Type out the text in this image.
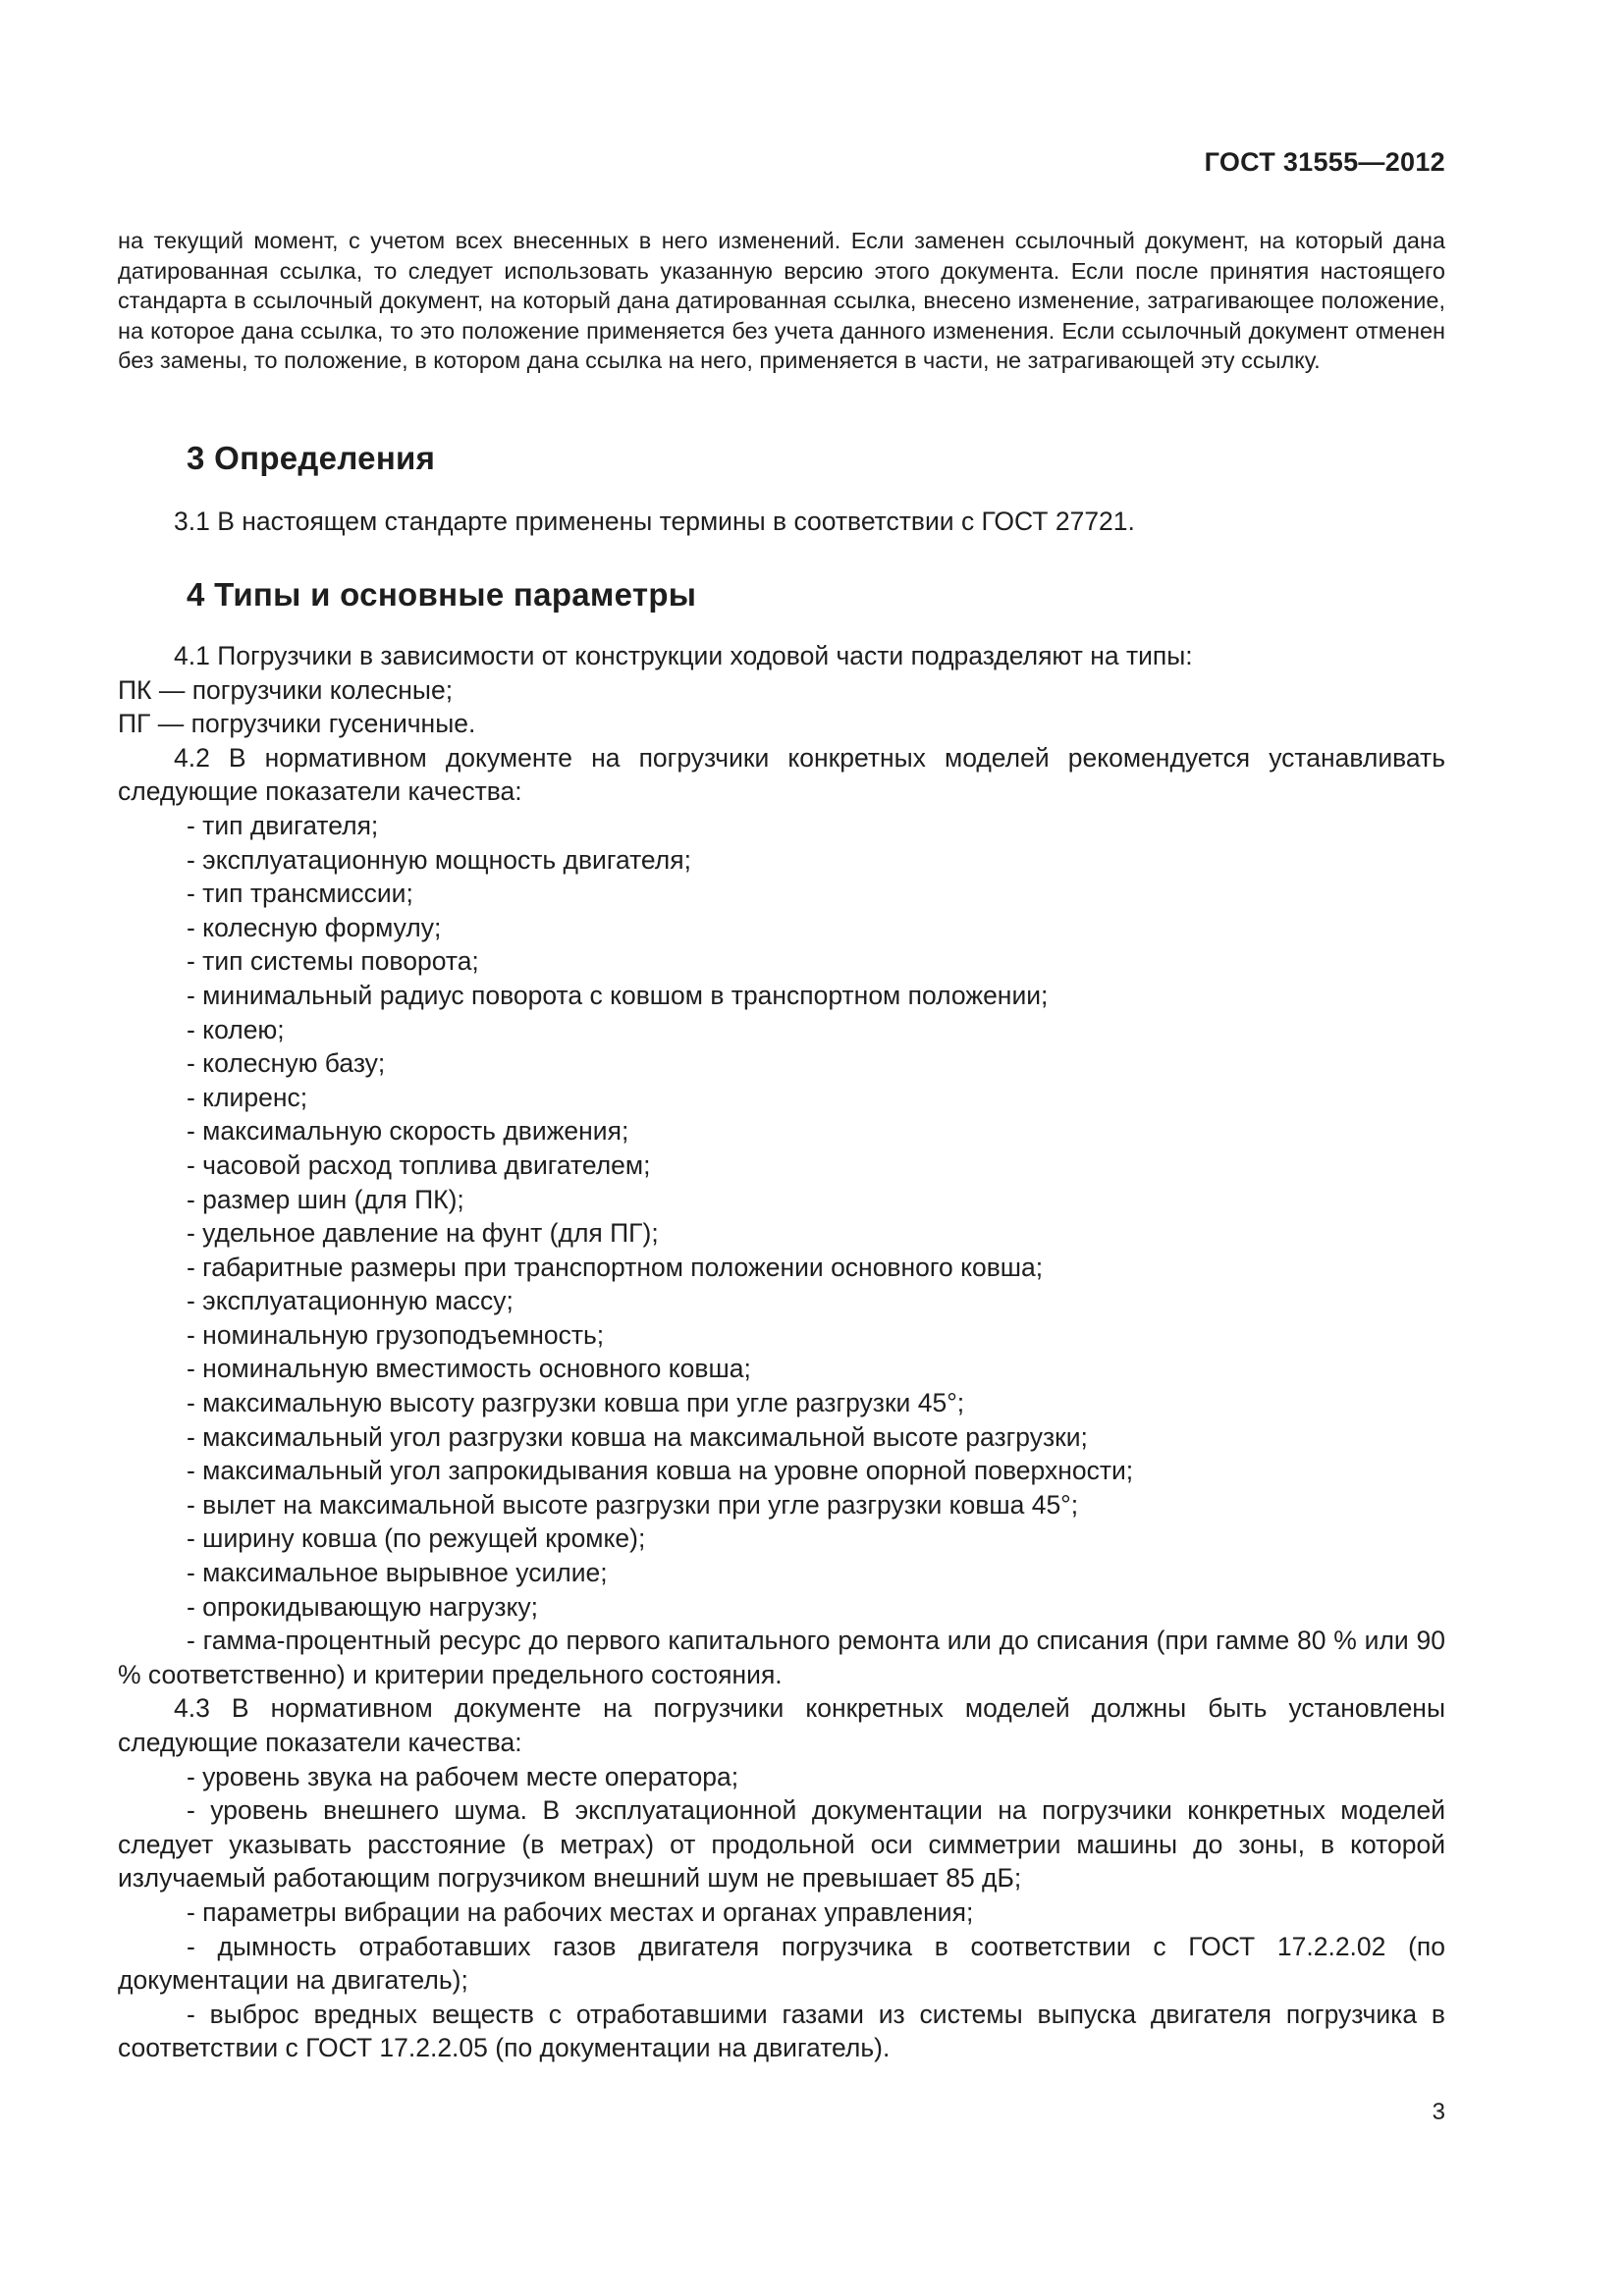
ГОСТ 31555—2012

на текущий момент, с учетом всех внесенных в него изменений. Если заменен ссылочный документ, на который дана датированная ссылка, то следует использовать указанную версию этого документа. Если после принятия настоящего стандарта в ссылочный документ, на который дана датированная ссылка, внесено изменение, затрагивающее положение, на которое дана ссылка, то это положение применяется без учета данного изменения. Если ссылочный документ отменен без замены, то положение, в котором дана ссылка на него, применяется в части, не затрагивающей эту ссылку.

3 Определения

3.1 В настоящем стандарте применены термины в соответствии с ГОСТ 27721.

4 Типы и основные параметры

4.1 Погрузчики в зависимости от конструкции ходовой части подразделяют на типы:

ПК — погрузчики колесные;

ПГ — погрузчики гусеничные.

4.2 В нормативном документе на погрузчики конкретных моделей рекомендуется устанавливать следующие показатели качества:

- тип двигателя;

- эксплуатационную мощность двигателя;

- тип трансмиссии;

- колесную формулу;

- тип системы поворота;

- минимальный радиус поворота с ковшом в транспортном положении;

- колею;

- колесную базу;

- клиренс;

- максимальную скорость движения;

- часовой расход топлива двигателем;

- размер шин (для ПК);

- удельное давление на фунт (для ПГ);

- габаритные размеры при транспортном положении основного ковша;

- эксплуатационную массу;

- номинальную грузоподъемность;

- номинальную вместимость основного ковша;

- максимальную высоту разгрузки ковша при угле разгрузки 45°;

- максимальный угол разгрузки ковша на максимальной высоте разгрузки;

- максимальный угол запрокидывания ковша на уровне опорной поверхности;

- вылет на максимальной высоте разгрузки при угле разгрузки ковша 45°;

- ширину ковша (по режущей кромке);

- максимальное вырывное усилие;

- опрокидывающую нагрузку;

- гамма-процентный ресурс до первого капитального ремонта или до списания (при гамме 80 % или 90 % соответственно) и критерии предельного состояния.

4.3 В нормативном документе на погрузчики конкретных моделей должны быть установлены следующие показатели качества:

- уровень звука на рабочем месте оператора;

- уровень внешнего шума. В эксплуатационной документации на погрузчики конкретных моделей следует указывать расстояние (в метрах) от продольной оси симметрии машины до зоны, в которой излучаемый работающим погрузчиком внешний шум не превышает 85 дБ;

- параметры вибрации на рабочих местах и органах управления;

- дымность отработавших газов двигателя погрузчика в соответствии с ГОСТ 17.2.2.02 (по документации на двигатель);

- выброс вредных веществ с отработавшими газами из системы выпуска двигателя погрузчика в соответствии с ГОСТ 17.2.2.05 (по документации на двигатель).

3
